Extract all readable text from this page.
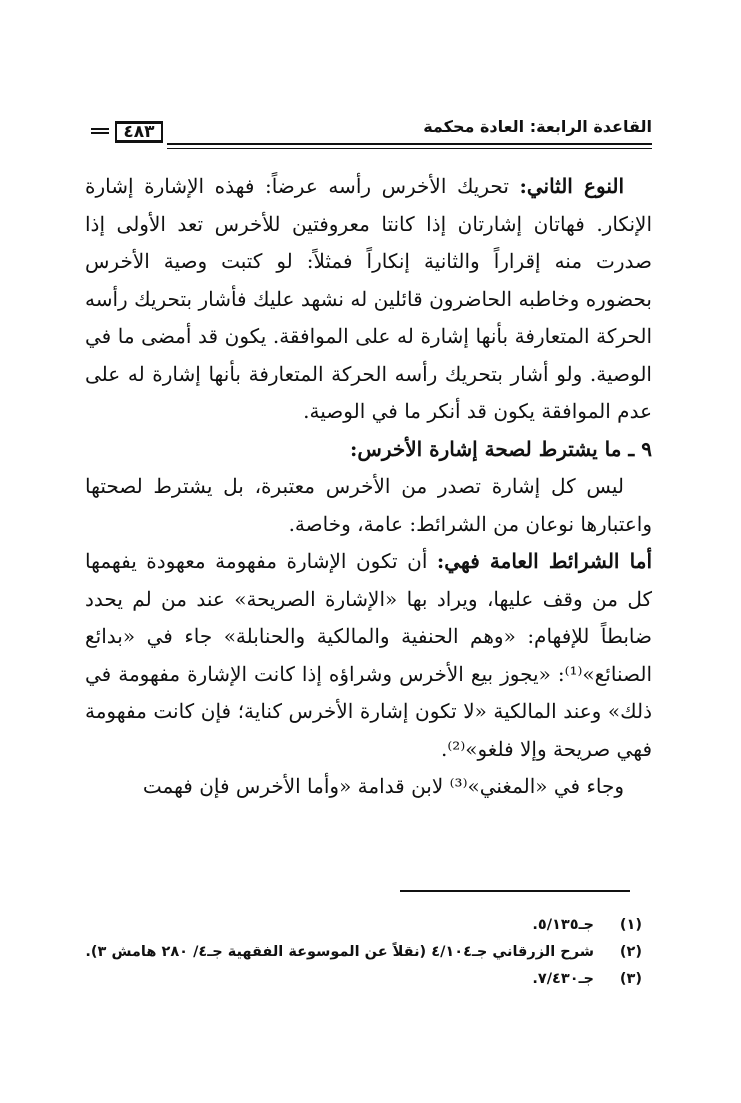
القاعدة الرابعة: العادة محكمة
٤٨٣

النوع الثاني: تحريك الأخرس رأسه عرضاً: فهذه الإشارة إشارة الإنكار. فهاتان إشارتان إذا كانتا معروفتين للأخرس تعد الأولى إذا صدرت منه إقراراً والثانية إنكاراً فمثلاً: لو كتبت وصية الأخرس بحضوره وخاطبه الحاضرون قائلين له نشهد عليك فأشار بتحريك رأسه الحركة المتعارفة بأنها إشارة له على الموافقة. يكون قد أمضى ما في الوصية. ولو أشار بتحريك رأسه الحركة المتعارفة بأنها إشارة له على عدم الموافقة يكون قد أنكر ما في الوصية.

٩ ـ ما يشترط لصحة إشارة الأخرس:

ليس كل إشارة تصدر من الأخرس معتبرة، بل يشترط لصحتها واعتبارها نوعان من الشرائط: عامة، وخاصة.

أما الشرائط العامة فهي: أن تكون الإشارة مفهومة معهودة يفهمها كل من وقف عليها، ويراد بها «الإشارة الصريحة» عند من لم يحدد ضابطاً للإفهام: «وهم الحنفية والمالكية والحنابلة» جاء في «بدائع الصنائع»⁽¹⁾: «يجوز بيع الأخرس وشراؤه إذا كانت الإشارة مفهومة في ذلك» وعند المالكية «لا تكون إشارة الأخرس كناية؛ فإن كانت مفهومة فهي صريحة وإلا فلغو»⁽²⁾.

وجاء في «المغني»⁽³⁾ لابن قدامة «وأما الأخرس فإن فهمت

(١)
جـ٥/١٣٥.
(٢)
شرح الزرقاني جـ٤/١٠٤ (نقلاً عن الموسوعة الفقهية جـ٤/ ٢٨٠ هامش ٣).
(٣)
جـ٧/٤٣٠.
